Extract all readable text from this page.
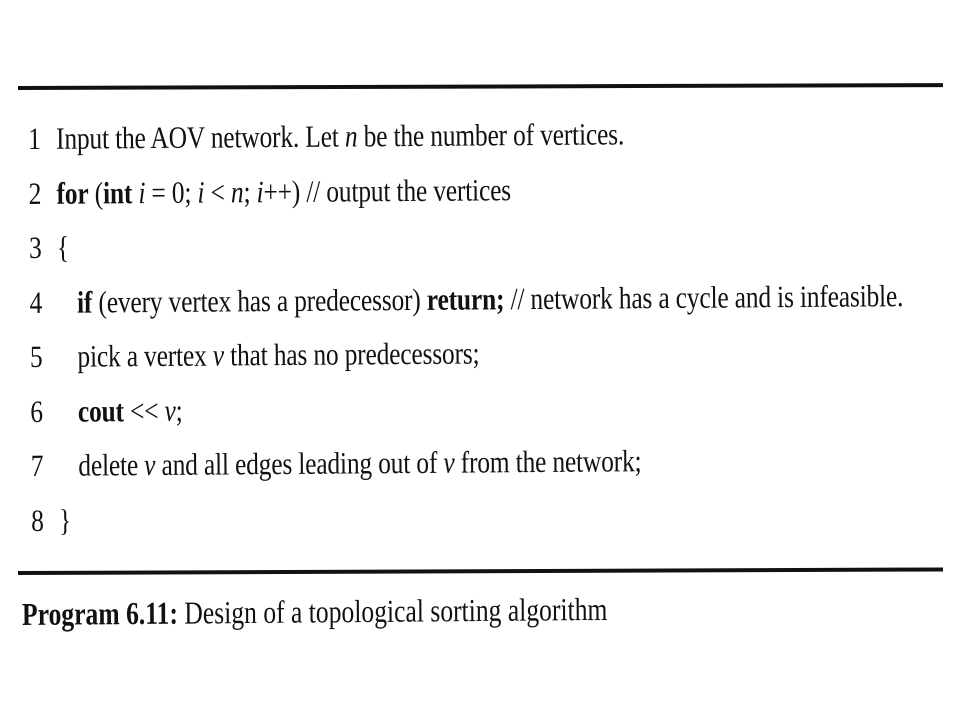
1 Input the AOV network. Let n be the number of vertices.
2 for (int i = 0; i < n; i++) // output the vertices
3 {
4 if (every vertex has a predecessor) return; // network has a cycle and is infeasible.
5 pick a vertex v that has no predecessors;
6 cout << v;
7 delete v and all edges leading out of v from the network;
8 }
Program 6.11: Design of a topological sorting algorithm
